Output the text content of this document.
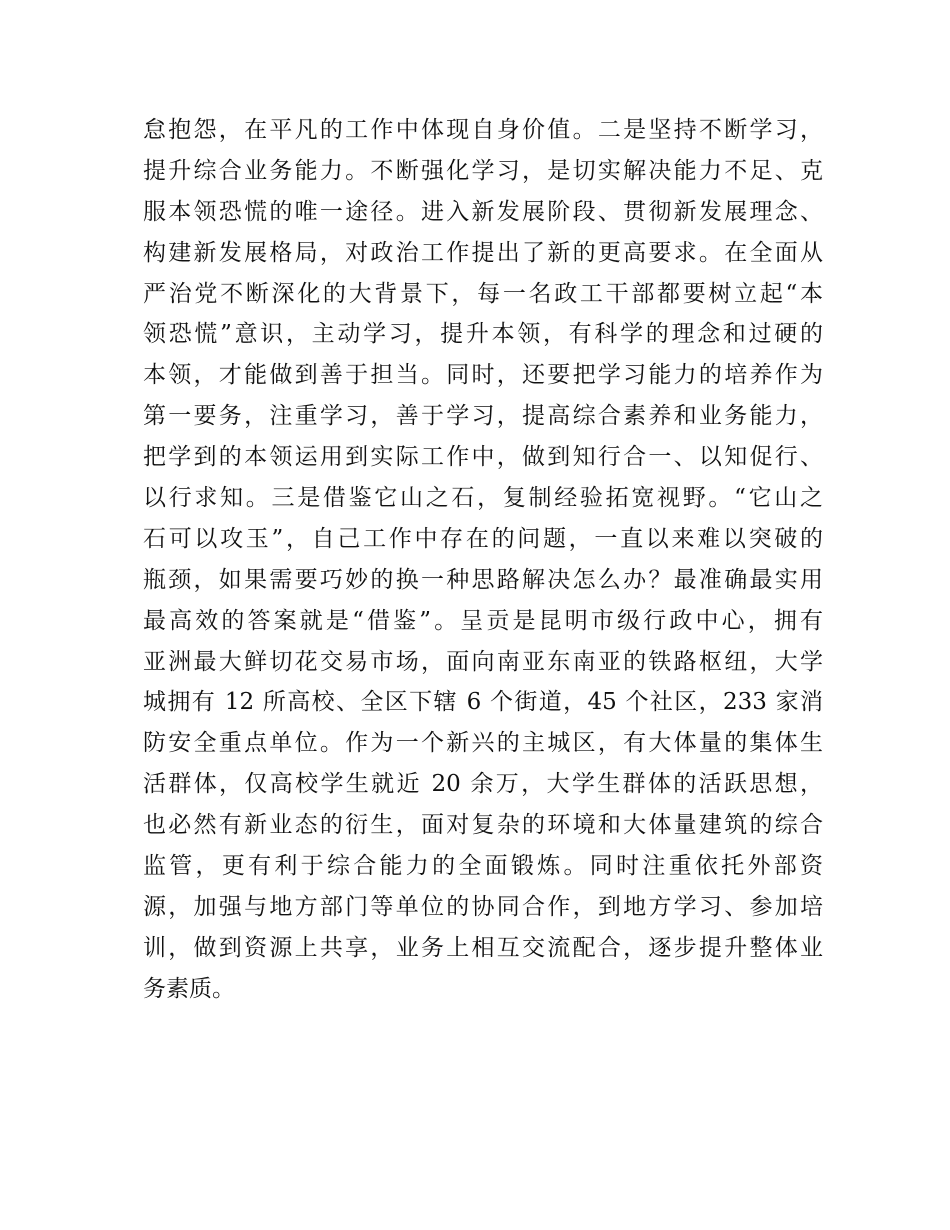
怠抱怨，在平凡的工作中体现自身价值。二是坚持不断学习，
提升综合业务能力。不断强化学习，是切实解决能力不足、克
服本领恐慌的唯一途径。进入新发展阶段、贯彻新发展理念、
构建新发展格局，对政治工作提出了新的更高要求。在全面从
严治党不断深化的大背景下，每一名政工干部都要树立起“本
领恐慌”意识，主动学习，提升本领，有科学的理念和过硬的
本领，才能做到善于担当。同时，还要把学习能力的培养作为
第一要务，注重学习，善于学习，提高综合素养和业务能力，
把学到的本领运用到实际工作中，做到知行合一、以知促行、
以行求知。三是借鉴它山之石，复制经验拓宽视野。“它山之
石可以攻玉”，自己工作中存在的问题，一直以来难以突破的
瓶颈，如果需要巧妙的换一种思路解决怎么办？最准确最实用
最高效的答案就是“借鉴”。呈贡是昆明市级行政中心，拥有
亚洲最大鲜切花交易市场，面向南亚东南亚的铁路枢纽，大学
城拥有 12 所高校、全区下辖 6 个街道，45 个社区，233 家消
防安全重点单位。作为一个新兴的主城区，有大体量的集体生
活群体，仅高校学生就近 20 余万，大学生群体的活跃思想，
也必然有新业态的衍生，面对复杂的环境和大体量建筑的综合
监管，更有利于综合能力的全面锻炼。同时注重依托外部资
源，加强与地方部门等单位的协同合作，到地方学习、参加培
训，做到资源上共享，业务上相互交流配合，逐步提升整体业
务素质。
